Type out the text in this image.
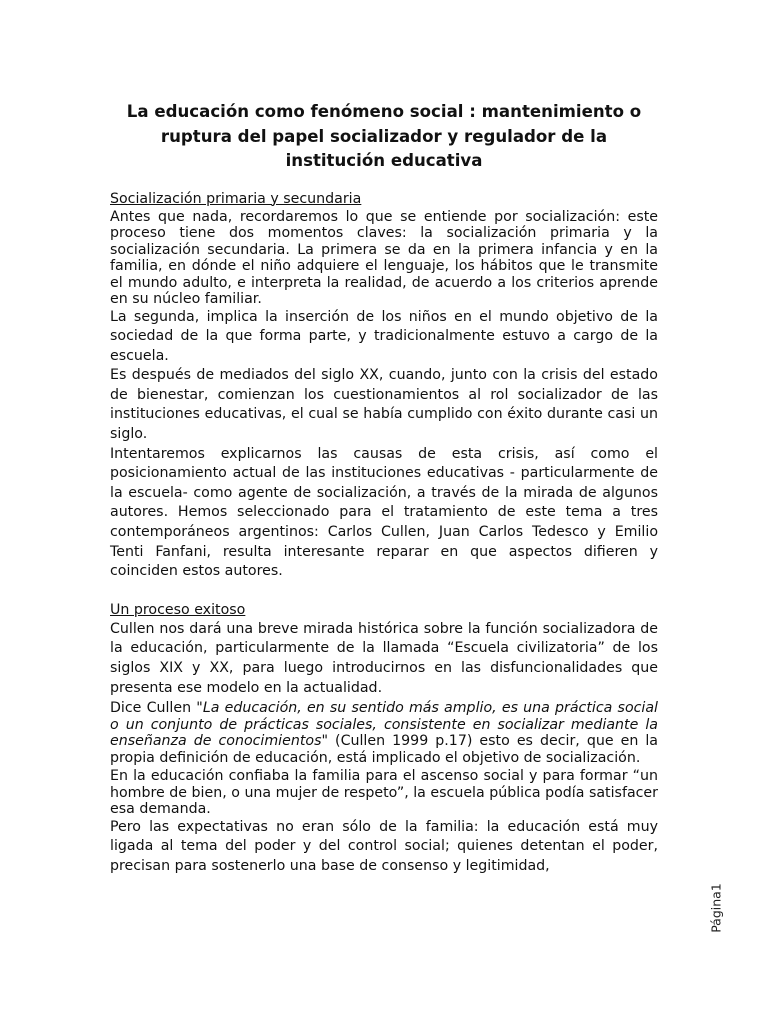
La educación como fenómeno social : mantenimiento o ruptura del papel socializador y regulador de la institución educativa
Socialización primaria y secundaria

Antes que nada, recordaremos lo que se entiende por socialización: este proceso tiene dos momentos claves: la socialización primaria y la socialización secundaria. La primera se da en la primera infancia y en la familia, en dónde el niño adquiere el lenguaje, los hábitos que le transmite el mundo adulto, e interpreta la realidad, de acuerdo a los criterios aprende en su núcleo familiar.

La segunda, implica la inserción de los niños en el mundo objetivo de la sociedad de la que forma parte, y tradicionalmente estuvo a cargo de la escuela.

Es después de mediados del siglo XX, cuando, junto con la crisis del estado de bienestar, comienzan los cuestionamientos al rol socializador de las instituciones educativas, el cual se había cumplido con éxito durante casi un siglo.

Intentaremos explicarnos las causas de esta crisis, así como el posicionamiento actual de las instituciones educativas - particularmente de la escuela- como agente de socialización, a través de la mirada de algunos autores. Hemos seleccionado para el tratamiento de este tema a tres contemporáneos argentinos: Carlos Cullen, Juan Carlos Tedesco y Emilio Tenti Fanfani, resulta interesante reparar en que aspectos difieren y coinciden estos autores.

Un proceso exitoso

Cullen nos dará una breve mirada histórica sobre la función socializadora de la educación, particularmente de la llamada “Escuela civilizatoria” de los siglos XIX y XX, para luego introducirnos en las disfuncionalidades que presenta ese modelo en la actualidad.

Dice Cullen "La educación, en su sentido más amplio, es una práctica social o un conjunto de prácticas sociales, consistente en socializar mediante la enseñanza de conocimientos" (Cullen 1999 p.17) esto es decir, que en la propia definición de educación, está implicado el objetivo de socialización.

En la educación confiaba la familia para el ascenso social y para formar “un hombre de bien, o una mujer de respeto”, la escuela pública podía satisfacer esa demanda.

Pero las expectativas no eran sólo de la familia: la educación está muy ligada al tema del poder y del control social; quienes detentan el poder, precisan para sostenerlo una base de consenso y legitimidad,

Página1
